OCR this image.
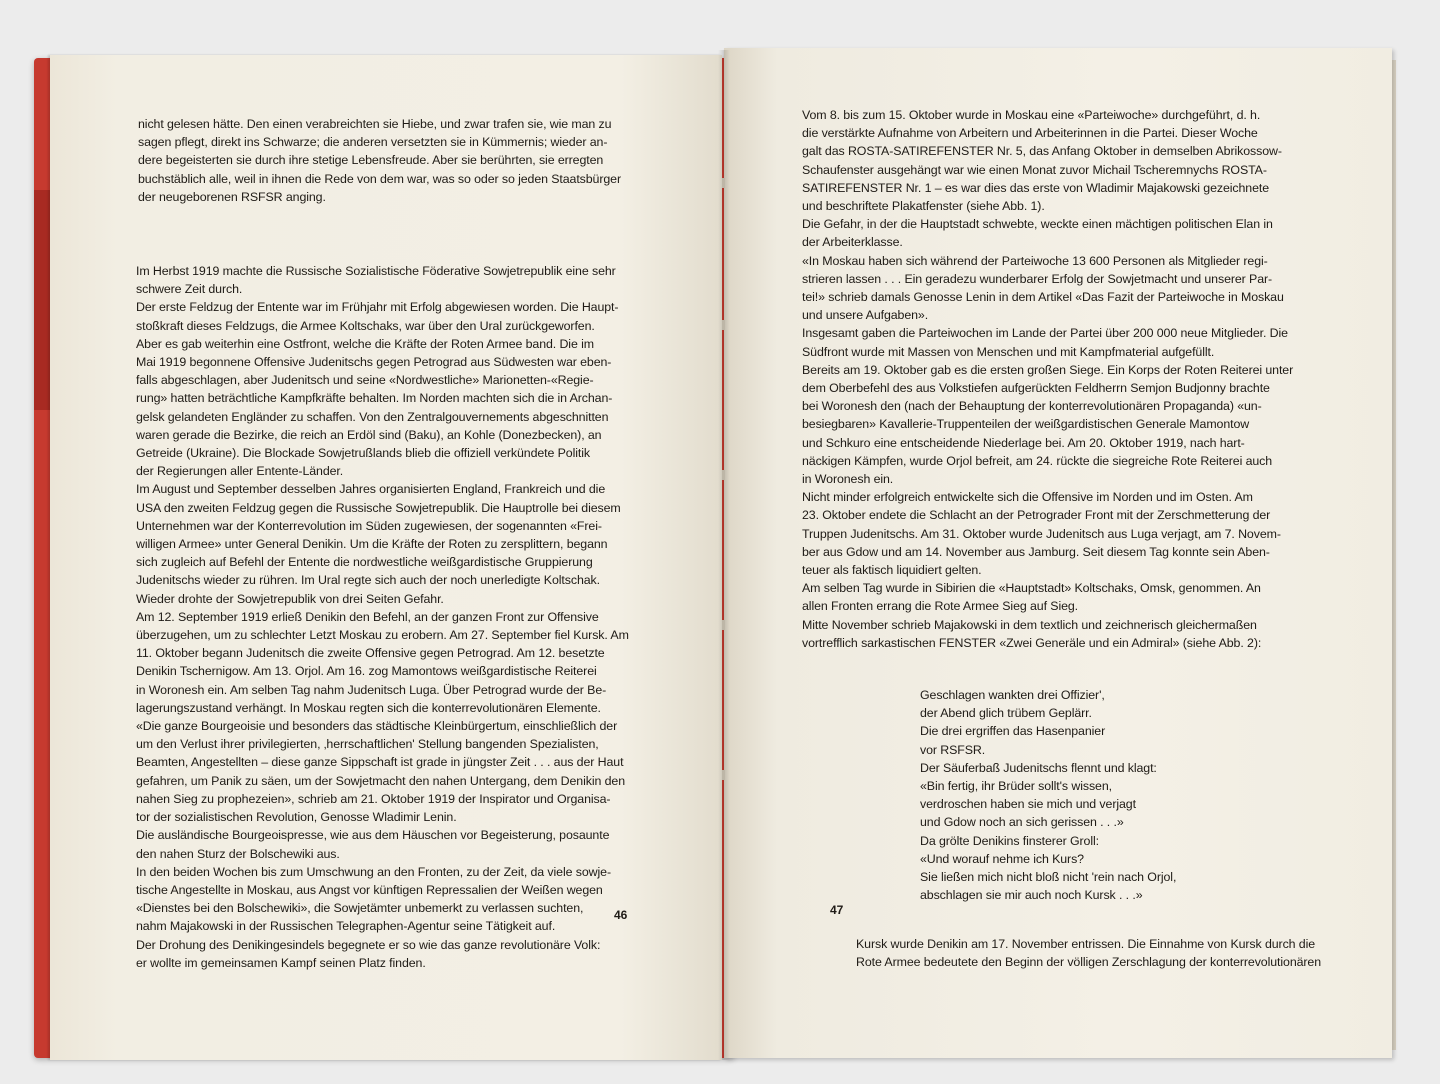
nicht gelesen hätte. Den einen verabreichten sie Hiebe, und zwar trafen sie, wie man zu

sagen pflegt, direkt ins Schwarze; die anderen versetzten sie in Kümmernis; wieder an-

dere begeisterten sie durch ihre stetige Lebensfreude. Aber sie berührten, sie erregten

buchstäblich alle, weil in ihnen die Rede von dem war, was so oder so jeden Staatsbürger

der neugeborenen RSFSR anging.

Im Herbst 1919 machte die Russische Sozialistische Föderative Sowjetrepublik eine sehr

schwere Zeit durch.

Der erste Feldzug der Entente war im Frühjahr mit Erfolg abgewiesen worden. Die Haupt-

stoßkraft dieses Feldzugs, die Armee Koltschaks, war über den Ural zurückgeworfen.

Aber es gab weiterhin eine Ostfront, welche die Kräfte der Roten Armee band. Die im

Mai 1919 begonnene Offensive Judenitschs gegen Petrograd aus Südwesten war eben-

falls abgeschlagen, aber Judenitsch und seine «Nordwestliche» Marionetten-«Regie-

rung» hatten beträchtliche Kampfkräfte behalten. Im Norden machten sich die in Archan-

gelsk gelandeten Engländer zu schaffen. Von den Zentralgouvernements abgeschnitten

waren gerade die Bezirke, die reich an Erdöl sind (Baku), an Kohle (Donezbecken), an

Getreide (Ukraine). Die Blockade Sowjetrußlands blieb die offiziell verkündete Politik

der Regierungen aller Entente-Länder.

Im August und September desselben Jahres organisierten England, Frankreich und die

USA den zweiten Feldzug gegen die Russische Sowjetrepublik. Die Hauptrolle bei diesem

Unternehmen war der Konterrevolution im Süden zugewiesen, der sogenannten «Frei-

willigen Armee» unter General Denikin. Um die Kräfte der Roten zu zersplittern, begann

sich zugleich auf Befehl der Entente die nordwestliche weißgardistische Gruppierung

Judenitschs wieder zu rühren. Im Ural regte sich auch der noch unerledigte Koltschak.

Wieder drohte der Sowjetrepublik von drei Seiten Gefahr.

Am 12. September 1919 erließ Denikin den Befehl, an der ganzen Front zur Offensive

überzugehen, um zu schlechter Letzt Moskau zu erobern. Am 27. September fiel Kursk. Am

11. Oktober begann Judenitsch die zweite Offensive gegen Petrograd. Am 12. besetzte

Denikin Tschernigow. Am 13. Orjol. Am 16. zog Mamontows weißgardistische Reiterei

in Woronesh ein. Am selben Tag nahm Judenitsch Luga. Über Petrograd wurde der Be-

lagerungszustand verhängt. In Moskau regten sich die konterrevolutionären Elemente.

«Die ganze Bourgeoisie und besonders das städtische Kleinbürgertum, einschließlich der

um den Verlust ihrer privilegierten, ‚herrschaftlichen' Stellung bangenden Spezialisten,

Beamten, Angestellten – diese ganze Sippschaft ist grade in jüngster Zeit . . . aus der Haut

gefahren, um Panik zu säen, um der Sowjetmacht den nahen Untergang, dem Denikin den

nahen Sieg zu prophezeien», schrieb am 21. Oktober 1919 der Inspirator und Organisa-

tor der sozialistischen Revolution, Genosse Wladimir Lenin.

Die ausländische Bourgeoispresse, wie aus dem Häuschen vor Begeisterung, posaunte

den nahen Sturz der Bolschewiki aus.

In den beiden Wochen bis zum Umschwung an den Fronten, zu der Zeit, da viele sowje-

tische Angestellte in Moskau, aus Angst vor künftigen Repressalien der Weißen wegen

«Dienstes bei den Bolschewiki», die Sowjetämter unbemerkt zu verlassen suchten,

nahm Majakowski in der Russischen Telegraphen-Agentur seine Tätigkeit auf.

Der Drohung des Denikingesindels begegnete er so wie das ganze revolutionäre Volk:

er wollte im gemeinsamen Kampf seinen Platz finden.

46

Vom 8. bis zum 15. Oktober wurde in Moskau eine «Parteiwoche» durchgeführt, d. h.

die verstärkte Aufnahme von Arbeitern und Arbeiterinnen in die Partei. Dieser Woche

galt das ROSTA-SATIREFENSTER Nr. 5, das Anfang Oktober in demselben Abrikossow-

Schaufenster ausgehängt war wie einen Monat zuvor Michail Tscheremnychs ROSTA-

SATIREFENSTER Nr. 1 – es war dies das erste von Wladimir Majakowski gezeichnete

und beschriftete Plakatfenster (siehe Abb. 1).

Die Gefahr, in der die Hauptstadt schwebte, weckte einen mächtigen politischen Elan in

der Arbeiterklasse.

«In Moskau haben sich während der Parteiwoche 13 600 Personen als Mitglieder regi-

strieren lassen . . . Ein geradezu wunderbarer Erfolg der Sowjetmacht und unserer Par-

tei!» schrieb damals Genosse Lenin in dem Artikel «Das Fazit der Parteiwoche in Moskau

und unsere Aufgaben».

Insgesamt gaben die Parteiwochen im Lande der Partei über 200 000 neue Mitglieder. Die

Südfront wurde mit Massen von Menschen und mit Kampfmaterial aufgefüllt.

Bereits am 19. Oktober gab es die ersten großen Siege. Ein Korps der Roten Reiterei unter

dem Oberbefehl des aus Volkstiefen aufgerückten Feldherrn Semjon Budjonny brachte

bei Woronesh den (nach der Behauptung der konterrevolutionären Propaganda) «un-

besiegbaren» Kavallerie-Truppenteilen der weißgardistischen Generale Mamontow

und Schkuro eine entscheidende Niederlage bei. Am 20. Oktober 1919, nach hart-

näckigen Kämpfen, wurde Orjol befreit, am 24. rückte die siegreiche Rote Reiterei auch

in Woronesh ein.

Nicht minder erfolgreich entwickelte sich die Offensive im Norden und im Osten. Am

23. Oktober endete die Schlacht an der Petrograder Front mit der Zerschmetterung der

Truppen Judenitschs. Am 31. Oktober wurde Judenitsch aus Luga verjagt, am 7. Novem-

ber aus Gdow und am 14. November aus Jamburg. Seit diesem Tag konnte sein Aben-

teuer als faktisch liquidiert gelten.

Am selben Tag wurde in Sibirien die «Hauptstadt» Koltschaks, Omsk, genommen. An

allen Fronten errang die Rote Armee Sieg auf Sieg.

Mitte November schrieb Majakowski in dem textlich und zeichnerisch gleichermaßen

vortrefflich sarkastischen FENSTER «Zwei Generäle und ein Admiral» (siehe Abb. 2):

Geschlagen wankten drei Offizier',

der Abend glich trübem Geplärr.

Die drei ergriffen das Hasenpanier

vor RSFSR.

Der Säuferbaß Judenitschs flennt und klagt:

«Bin fertig, ihr Brüder sollt's wissen,

verdroschen haben sie mich und verjagt

und Gdow noch an sich gerissen . . .»

Da grölte Denikins finsterer Groll:

«Und worauf nehme ich Kurs?

Sie ließen mich nicht bloß nicht 'rein nach Orjol,

abschlagen sie mir auch noch Kursk . . .»

47

Kursk wurde Denikin am 17. November entrissen. Die Einnahme von Kursk durch die

Rote Armee bedeutete den Beginn der völligen Zerschlagung der konterrevolutionären
